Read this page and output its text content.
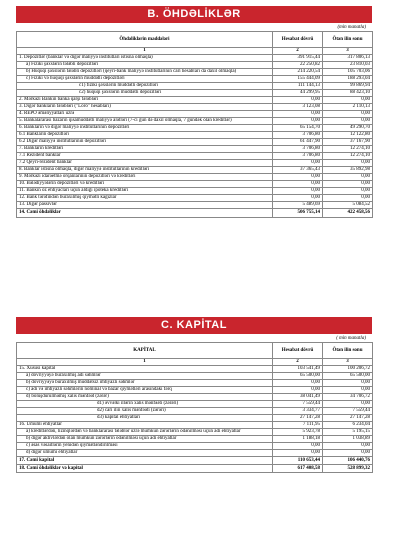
B. ÖHDƏLİKLƏR
(min manatla)
Öhdəliklərin maddələri	Hesabat dövrü	Ötən ilin sonu
1	2	3
1. Depozitlər (banklar və digər maliyyə institutları istisna olmaqla)	391 915,44	317 806,13
a) Fiziki şəxslərin tələbli depozitləri	22 250,82	23 810,03
b) Hüquqi şəxslərin tələbli depozitləri (qeyri-bank maliyyə institutlarının cari hesabları da daxil olmaqla)	214 220,54	105 703,06
c) Fiziki və hüquqi şəxslərin müddətli depozitləri	155 444,09	188 293,04
c1) fiziki şəxslərin müddətli depozitləri	111 144,13	99 869,94
c2) hüquqi şəxslərin müddətli depozitləri	44 299,95	88 423,10
2. Mərkəzi Bankın banka qarşı tələbləri	0,00	0,00
3. Digər bankların tələbləri ("Loro" hesabları)	3 123,08	2 110,13
4. REPO əməliyyatları üzrə	0,00	0,00
5. Bankalararası bazarın qısamüddətli maliyyə alətləri (7-ci gün də daxil olmaqla, 7 gündək olan kreditlər)	0,00	0,00
6. Bankların və digər maliyyə institutlarının depozitləri	65 154,70	49 290,70
6.1 Bankların depozitləri	3 706,80	12 122,80
6.2 Digər maliyyə institutlarının depozitləri	61 447,90	37 167,90
7. Bankların kreditləri	3 706,80	12 274,10
7.1 Rezident banklar	3 706,80	12 274,10
7.2 Qeyri-rezident banklar	0,00	0,00
8. Banklar istisna olmaqla, digər maliyyə institutlarının kreditləri	37 365,43	35 892,98
9. Mərkəzi idarəetmə orqanlarının depozitləri və kreditləri	0,00	0,00
10. Bələdiyyələrin depozitləri və kreditləri	0,00	0,00
11. Bankın öz ehtiyacları üçün aldığı ipoteka kreditləri	0,00	0,00
12. Bank tərəfindən buraxılmış qiymətli kağızlar	0,00	0,00
13. Digər passivlər	5 489,69	5 084,52
14. Cəmi öhdəliklər	506 755,14	422 458,56
C. KAPİTAL
( min manatla)
KAPİTAL	Hesabat dövrü	Ötən ilin sonu
1	2	3
15. Xüsusi kapital	103 541,49	100 206,72
a) dövriyyəyə buraxılmış adi səhmlər	65 500,00	65 500,00
b) dövriyyəyə buraxılmış müddətsiz imtiyazlı səhmlər	0,00	0,00
c) adi və imtiyazlı səhmlərin nominal və bazar qiymətləri arasındakı fərq	0,00	0,00
d) bölüşdürülməmiş xalis mənfəət (zərər)	38 041,49	34 706,72
d1) əvvəlki illərin xalis mənfəəti (zərəri)	7 559,44	0,00
d2) cari ilin xalis mənfəəti (zərəri)	3 334,77	7 559,44
d3) kapital ehtiyatları	27 147,28	27 147,28
16. Ümumi ehtiyatlar	7 111,95	6 234,04
a) kreditlərdən, lizinqlərdən və banklararası tələblər üzrə mümkün zərərlərin ödənilməsi üçün adi ehtiyatlar	5 923,78	5 195,15
b) digər aktivlərdən olan mümkün zərərlərin ödənilməsi üçün adi ehtiyatlar	1 188,18	1 038,89
c) əsas vəsaitlərin yenidən qiymətləndirilməsi	0,00	0,00
d) digər ümumi ehtiyatlar	0,00	0,00
17. Cəmi kapital	110 653,44	106 440,76
18. Cəmi öhdəliklər və kapital	617 408,58	528 899,32
